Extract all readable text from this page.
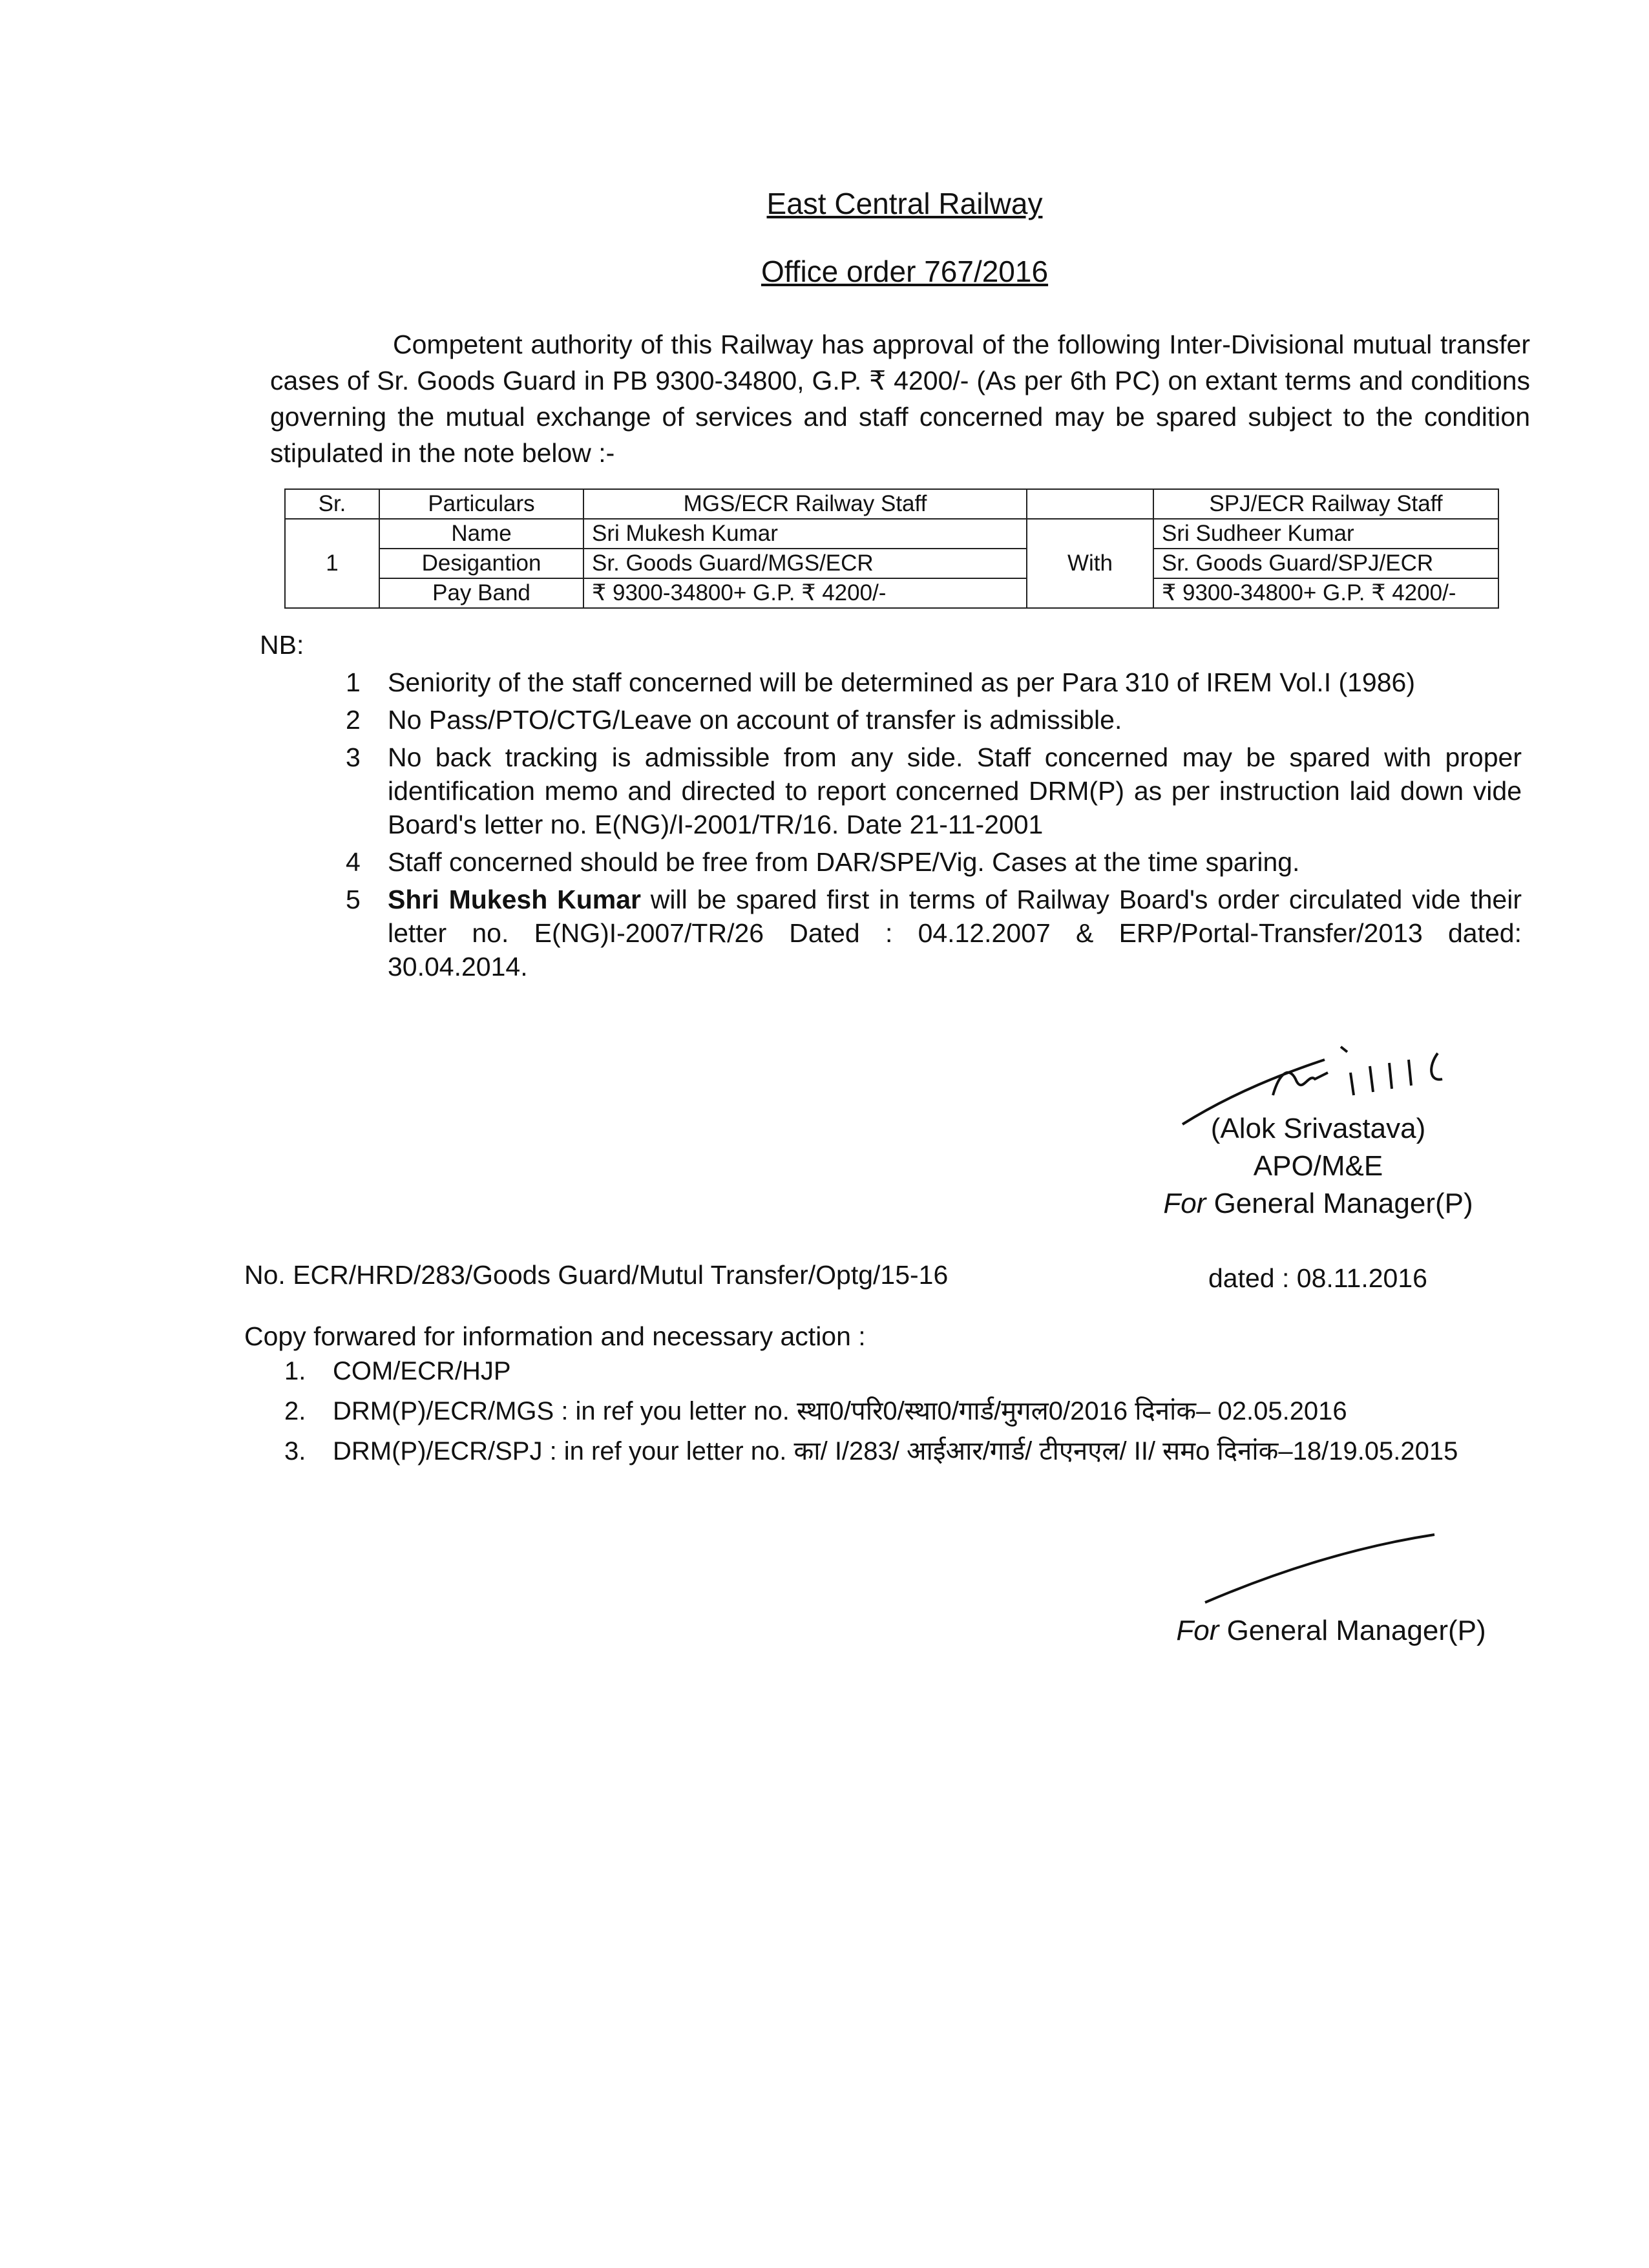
East Central Railway
Office order 767/2016
Competent authority of this Railway has approval of the following Inter-Divisional mutual transfer cases of Sr. Goods Guard in PB 9300-34800, G.P. ₹ 4200/- (As per 6th PC) on extant terms and conditions governing the mutual exchange of services and staff concerned may be spared subject to the condition stipulated in the note below :-
Sr.	Particulars	MGS/ECR Railway Staff		SPJ/ECR Railway Staff
1	Name	Sri Mukesh Kumar	With	Sri Sudheer Kumar
	Desigantion	Sr. Goods Guard/MGS/ECR		Sr. Goods Guard/SPJ/ECR
	Pay Band	₹ 9300-34800+ G.P. ₹ 4200/-		₹ 9300-34800+ G.P. ₹ 4200/-
NB:
1	Seniority of the staff concerned will be determined as per Para 310 of IREM Vol.I (1986)
2	No Pass/PTO/CTG/Leave on account of transfer is admissible.
3	No back tracking is admissible from any side. Staff concerned may be spared with proper identification memo and directed to report concerned DRM(P) as per instruction laid down vide Board's letter no. E(NG)/I-2001/TR/16. Date 21-11-2001
4	Staff concerned should be free from DAR/SPE/Vig. Cases at the time sparing.
5	Shri Mukesh Kumar will be spared first in terms of Railway Board's order circulated vide their letter no. E(NG)I-2007/TR/26 Dated : 04.12.2007 & ERP/Portal-Transfer/2013 dated: 30.04.2014.
(Alok Srivastava)
APO/M&E
For General Manager(P)
No. ECR/HRD/283/Goods Guard/Mutul Transfer/Optg/15-16	dated : 08.11.2016
Copy forwared for information and necessary action :
1.	COM/ECR/HJP
2.	DRM(P)/ECR/MGS : in ref you letter no. स्था0/परि0/स्था0/गार्ड/मुगल0/2016 दिनांक– 02.05.2016
3.	DRM(P)/ECR/SPJ : in ref your letter no. का/ I/283/ आईआर/गार्ड/ टीएनएल/ II/ समo दिनांक–18/19.05.2015
For General Manager(P)
